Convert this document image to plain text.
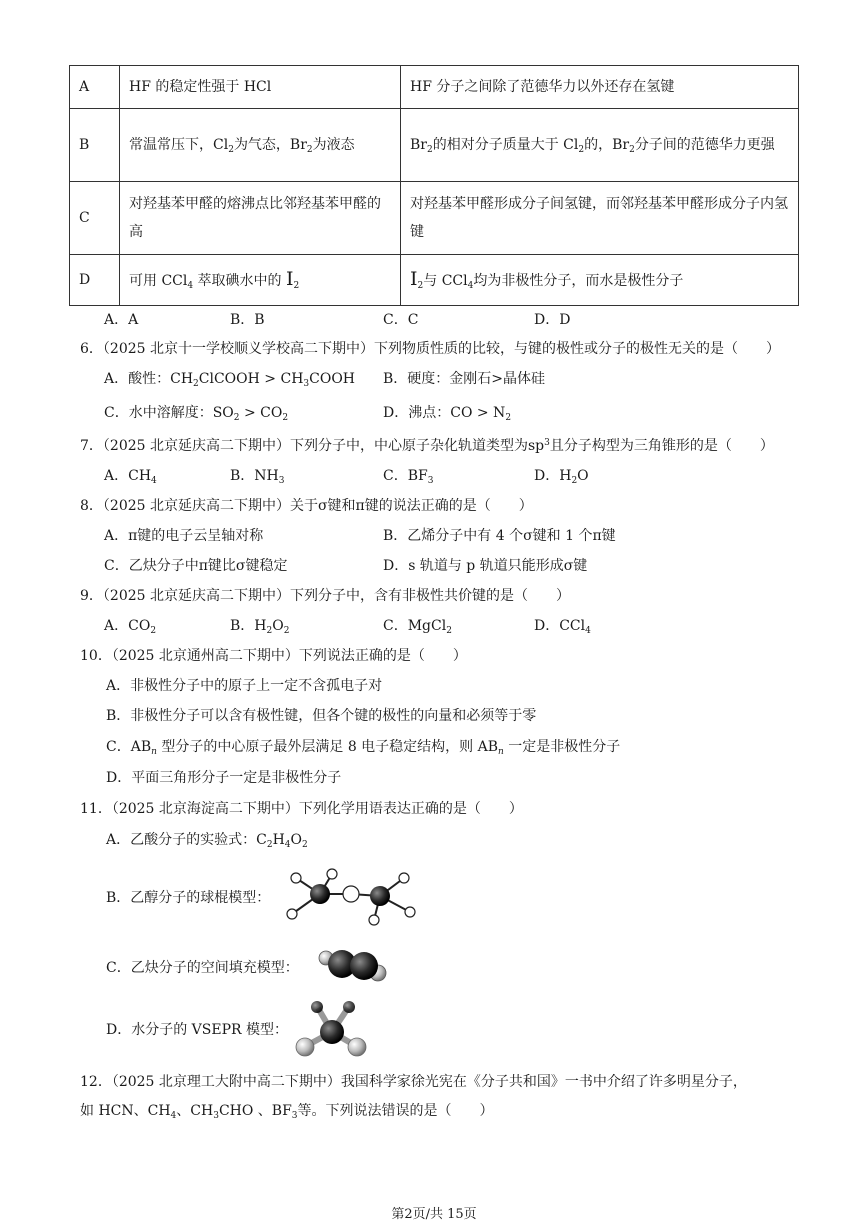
A	HF 的稳定性强于 HCl	HF 分子之间除了范德华力以外还存在氢键
B	常温常压下，$Cl_2$为气态，$Br_2$为液态	$Br_2$的相对分子质量大于 $Cl_2$的，$Br_2$分子间的范德华力更强
C	对羟基苯甲醛的熔沸点比邻羟基苯甲醛的高	对羟基苯甲醛形成分子间氢键，而邻羟基苯甲醛形成分子内氢键
D	可用 CCl$_4$ 萃取碘水中的 $I_2$	$I_2$与 CCl$_4$均为非极性分子，而水是极性分子
A．A	B．B	C．C	D．D
6．（2025 北京十一学校顺义学校高二下期中）下列物质性质的比较，与键的极性或分子的极性无关的是（　　）
A．酸性：$CH_2ClCOOH$ > $CH_3COOH$ B．硬度：金刚石>晶体硅
C．水中溶解度：$SO_2 > CO_2$	D．沸点：CO > $N_2$
7．（2025 北京延庆高二下期中）下列分子中，中心原子杂化轨道类型为$sp^3$且分子构型为三角锥形的是（　　）
A．$CH_4$	B．$NH_3$	C．$BF_3$	D．$H_2O$
8．（2025 北京延庆高二下期中）关于σ键和π键的说法正确的是（　　）
A．π键的电子云呈轴对称	B．乙烯分子中有 4 个σ键和 1 个π键
C．乙炔分子中π键比σ键稳定	D．s 轨道与 p 轨道只能形成σ键
9．（2025 北京延庆高二下期中）下列分子中，含有非极性共价键的是（　　）
A．$CO_2$	B．$H_2O_2$	C．MgCl$_2$	D．CCl$_4$
10．（2025 北京通州高二下期中）下列说法正确的是（　　）
A．非极性分子中的原子上一定不含孤电子对
B．非极性分子可以含有极性键，但各个键的极性的向量和必须等于零
C．$AB_n$ 型分子的中心原子最外层满足 8 电子稳定结构，则 $AB_n$ 一定是非极性分子
D．平面三角形分子一定是非极性分子
11．（2025 北京海淀高二下期中）下列化学用语表达正确的是（　　）
A．乙酸分子的实验式：$C_2H_4O_2$
B．乙醇分子的球棍模型：
C．乙炔分子的空间填充模型：
D．水分子的 VSEPR 模型：
12．（2025 北京理工大附中高二下期中）我国科学家徐光宪在《分子共和国》一书中介绍了许多明星分子，
如 HCN、$CH_4$、$CH_3CHO$ 、$BF_3$等。下列说法错误的是（　　）
第2页/共 15页
